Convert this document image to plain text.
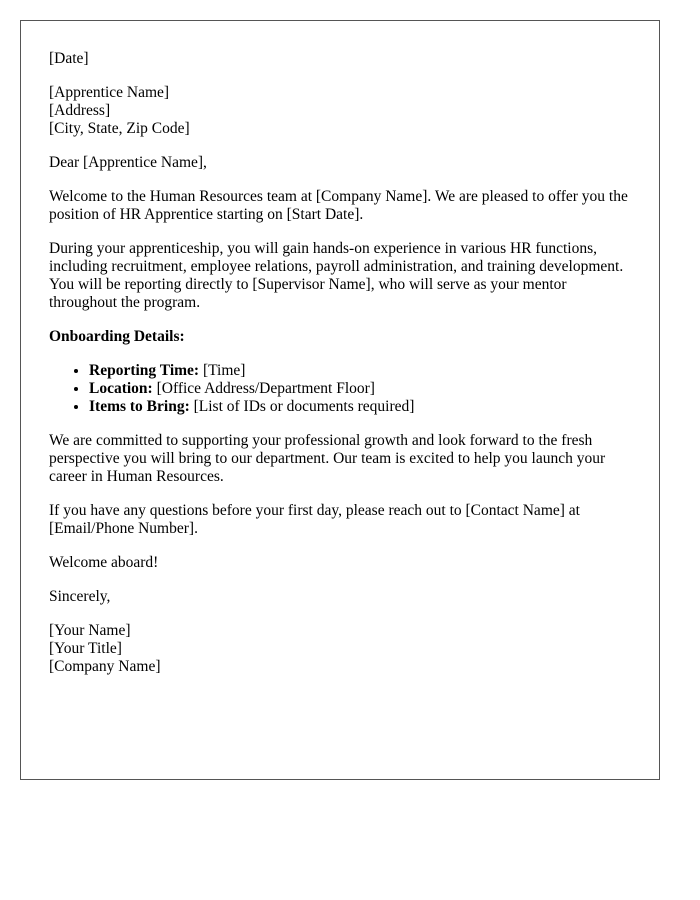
[Date]

[Apprentice Name]
[Address]
[City, State, Zip Code]

Dear [Apprentice Name],

Welcome to the Human Resources team at [Company Name]. We are pleased to offer you the position of HR Apprentice starting on [Start Date].

During your apprenticeship, you will gain hands-on experience in various HR functions, including recruitment, employee relations, payroll administration, and training development. You will be reporting directly to [Supervisor Name], who will serve as your mentor throughout the program.

Onboarding Details:

• Reporting Time: [Time]
• Location: [Office Address/Department Floor]
• Items to Bring: [List of IDs or documents required]

We are committed to supporting your professional growth and look forward to the fresh perspective you will bring to our department. Our team is excited to help you launch your career in Human Resources.

If you have any questions before your first day, please reach out to [Contact Name] at [Email/Phone Number].

Welcome aboard!

Sincerely,

[Your Name]
[Your Title]
[Company Name]
